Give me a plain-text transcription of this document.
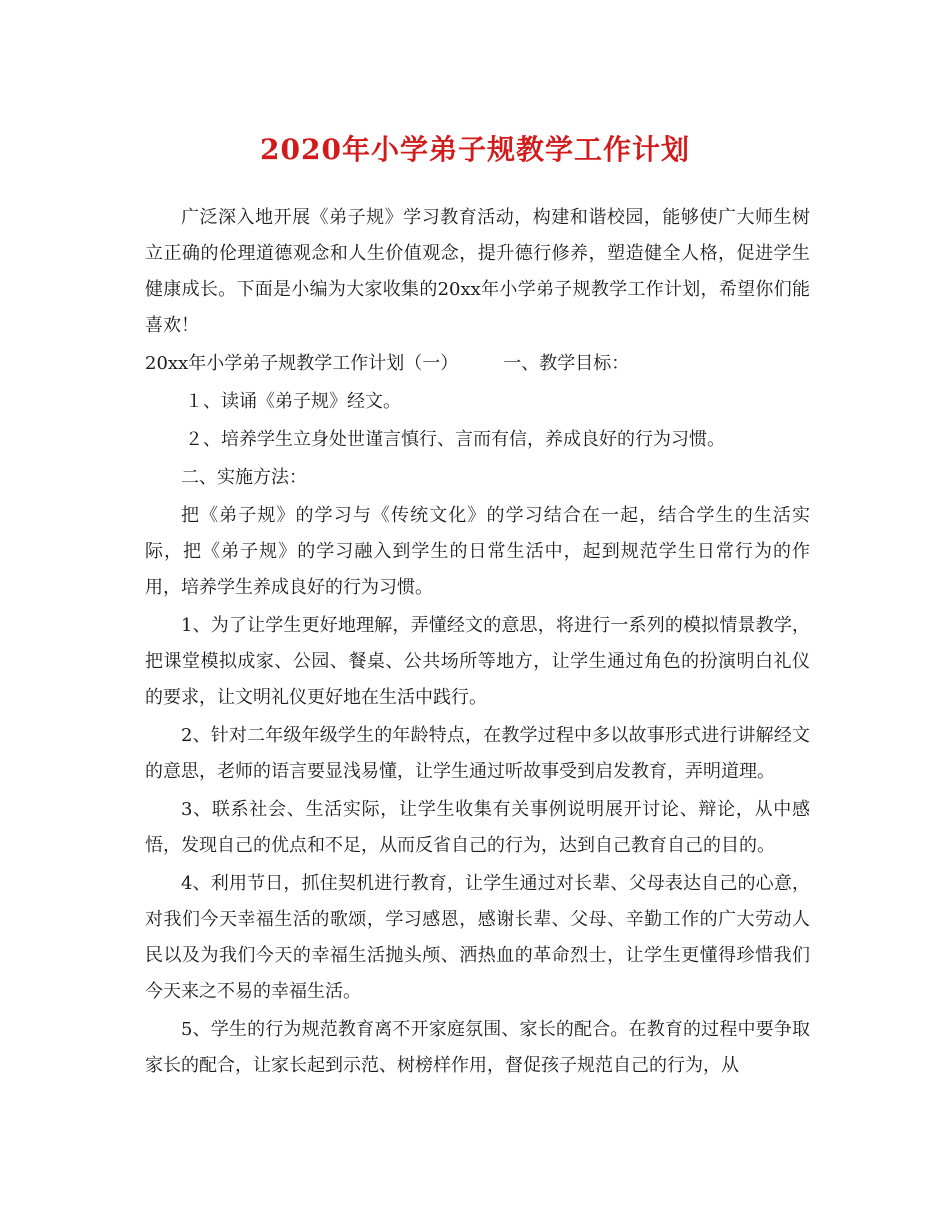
2020年小学弟子规教学工作计划

广泛深入地开展《弟子规》学习教育活动，构建和谐校园，能够使广大师生树立正确的伦理道德观念和人生价值观念，提升德行修养，塑造健全人格，促进学生健康成长。下面是小编为大家收集的20xx年小学弟子规教学工作计划，希望你们能喜欢！

20xx年小学弟子规教学工作计划（一）　　　一、教学目标：

１、读诵《弟子规》经文。

２、培养学生立身处世谨言慎行、言而有信，养成良好的行为习惯。

二、实施方法：

把《弟子规》的学习与《传统文化》的学习结合在一起，结合学生的生活实际，把《弟子规》的学习融入到学生的日常生活中，起到规范学生日常行为的作用，培养学生养成良好的行为习惯。

1、为了让学生更好地理解，弄懂经文的意思，将进行一系列的模拟情景教学，把课堂模拟成家、公园、餐桌、公共场所等地方，让学生通过角色的扮演明白礼仪的要求，让文明礼仪更好地在生活中践行。

2、针对二年级年级学生的年龄特点，在教学过程中多以故事形式进行讲解经文的意思，老师的语言要显浅易懂，让学生通过听故事受到启发教育，弄明道理。

3、联系社会、生活实际，让学生收集有关事例说明展开讨论、辩论，从中感悟，发现自己的优点和不足，从而反省自己的行为，达到自己教育自己的目的。

4、利用节日，抓住契机进行教育，让学生通过对长辈、父母表达自己的心意，对我们今天幸福生活的歌颂，学习感恩，感谢长辈、父母、辛勤工作的广大劳动人民以及为我们今天的幸福生活抛头颅、洒热血的革命烈士，让学生更懂得珍惜我们今天来之不易的幸福生活。

5、学生的行为规范教育离不开家庭氛围、家长的配合。在教育的过程中要争取家长的配合，让家长起到示范、树榜样作用，督促孩子规范自己的行为，从
